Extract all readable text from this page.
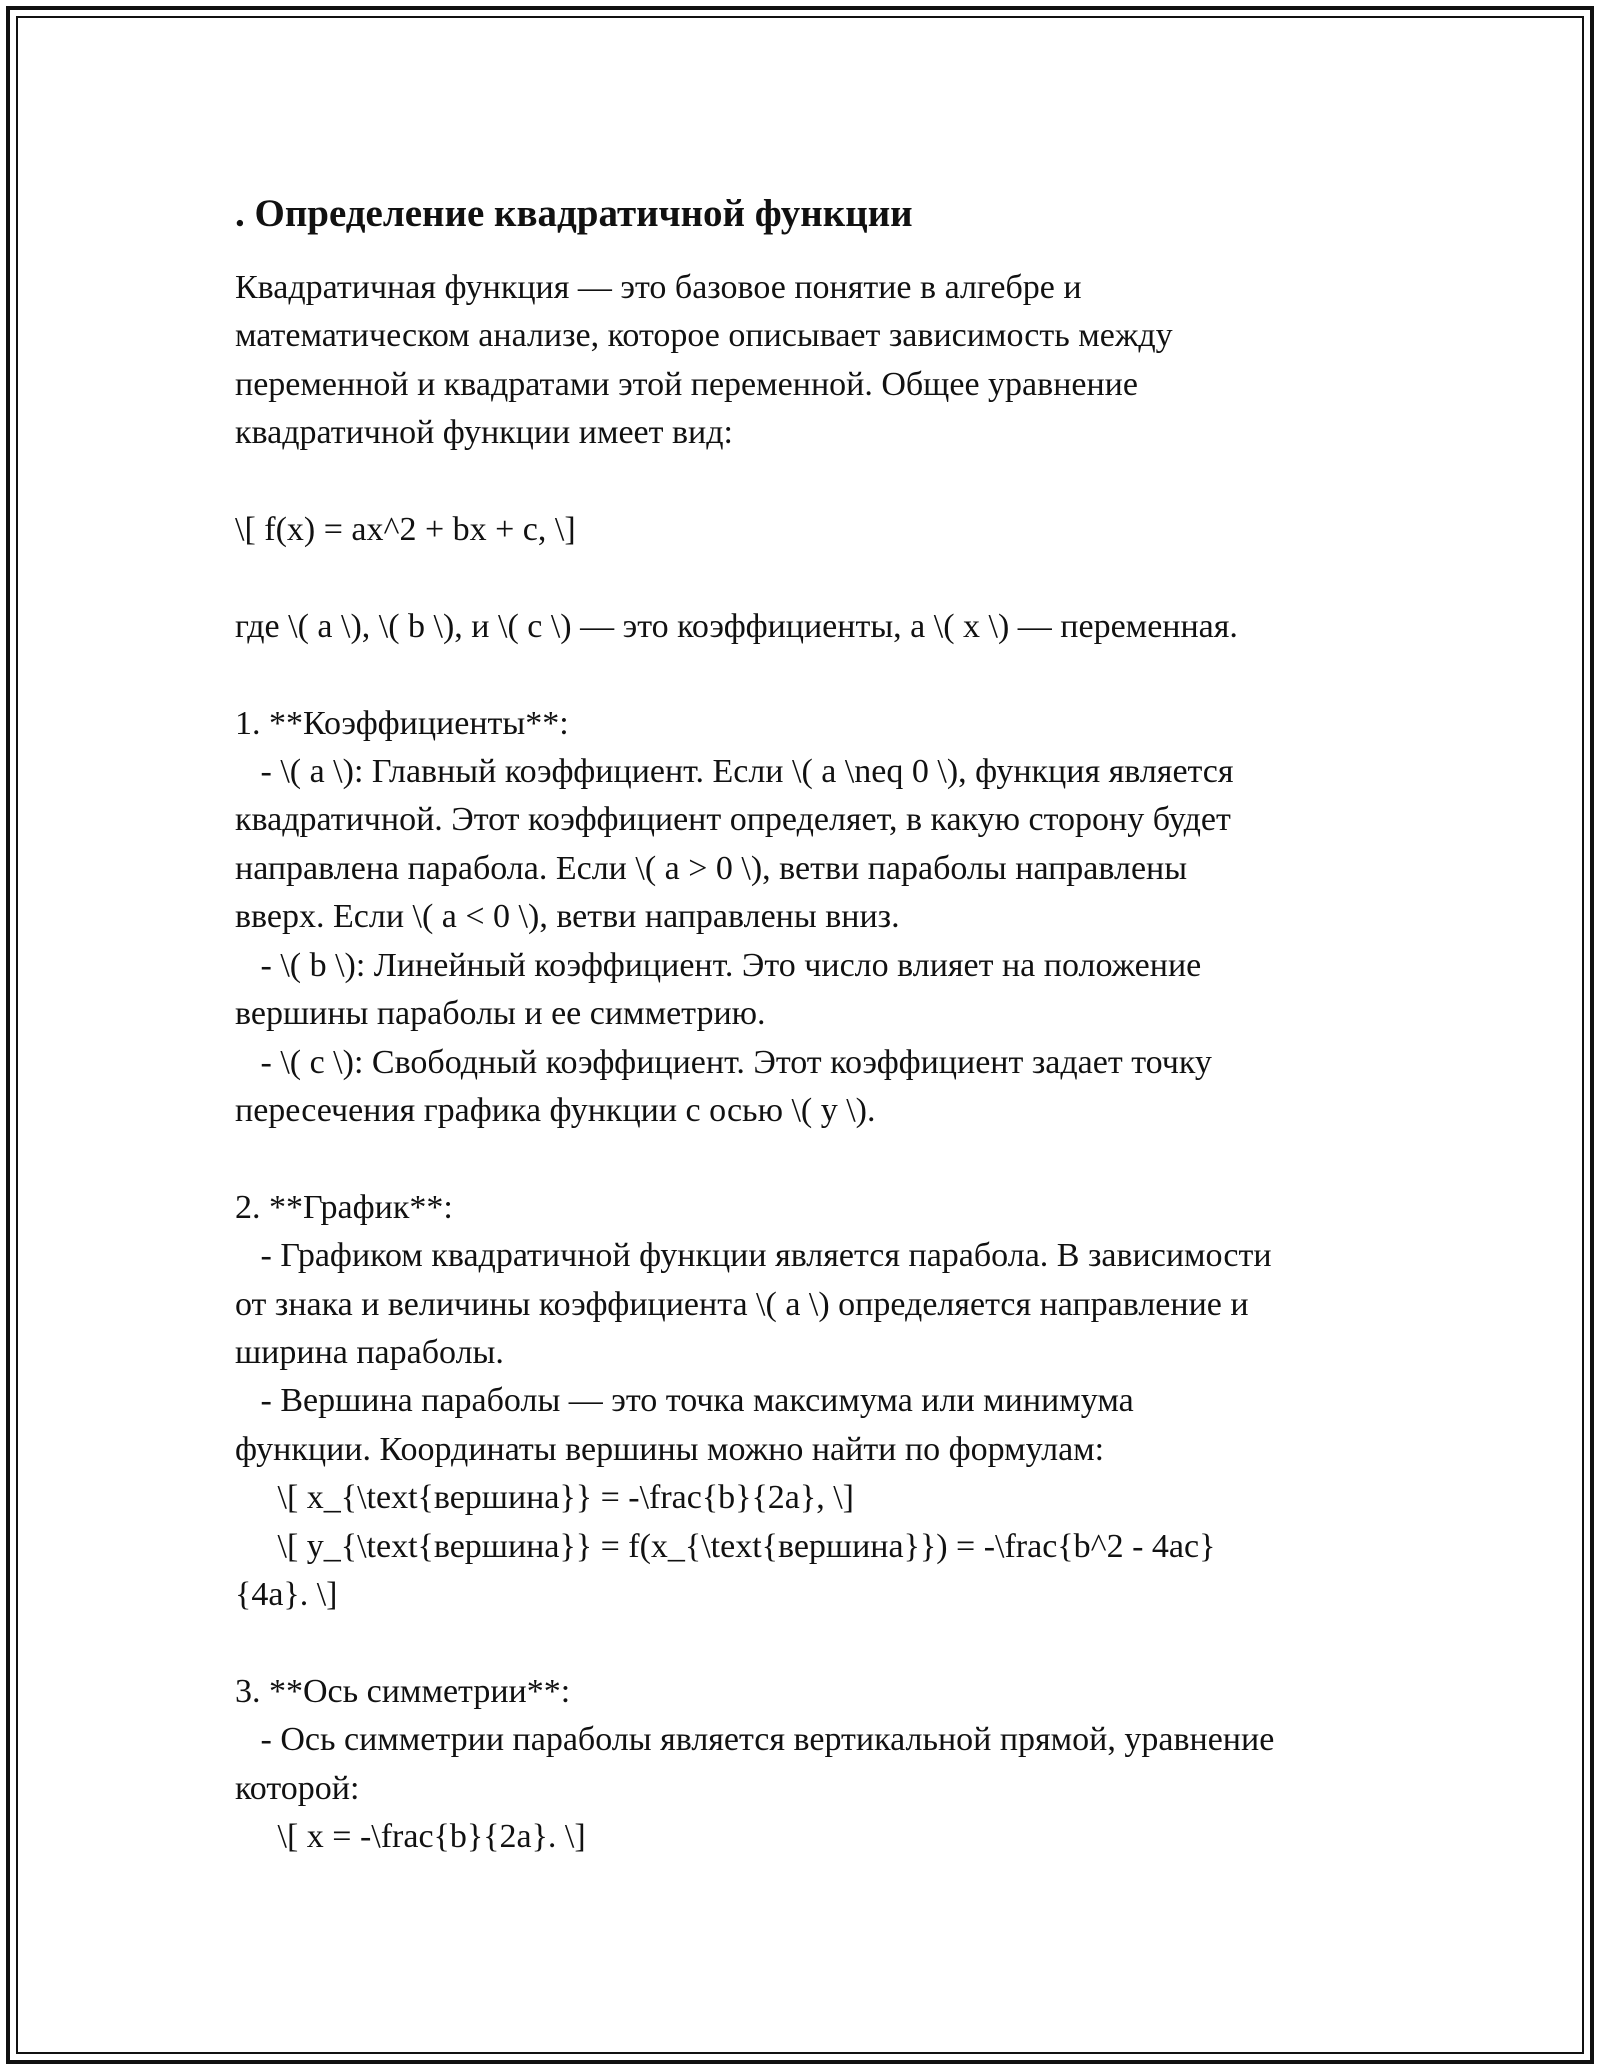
. Определение квадратичной функции
Квадратичная функция — это базовое понятие в алгебре и
математическом анализе, которое описывает зависимость между
переменной и квадратами этой переменной. Общее уравнение
квадратичной функции имеет вид:

\[ f(x) = ax^2 + bx + c, \]

где \( a \), \( b \), и \( c \) — это коэффициенты, а \( x \) — переменная.

1. **Коэффициенты**:
- \( a \): Главный коэффициент. Если \( a \neq 0 \), функция является
квадратичной. Этот коэффициент определяет, в какую сторону будет
направлена парабола. Если \( a > 0 \), ветви параболы направлены
вверх. Если \( a < 0 \), ветви направлены вниз.
- \( b \): Линейный коэффициент. Это число влияет на положение
вершины параболы и ее симметрию.
- \( c \): Свободный коэффициент. Этот коэффициент задает точку
пересечения графика функции с осью \( y \).

2. **График**:
- Графиком квадратичной функции является парабола. В зависимости
от знака и величины коэффициента \( a \) определяется направление и
ширина параболы.
- Вершина параболы — это точка максимума или минимума
функции. Координаты вершины можно найти по формулам:
\[ x_{\text{вершина}} = -\frac{b}{2a}, \]
\[ y_{\text{вершина}} = f(x_{\text{вершина}}) = -\frac{b^2 - 4ac}
{4a}. \]

3. **Ось симметрии**:
- Ось симметрии параболы является вертикальной прямой, уравнение
которой:
\[ x = -\frac{b}{2a}. \]
